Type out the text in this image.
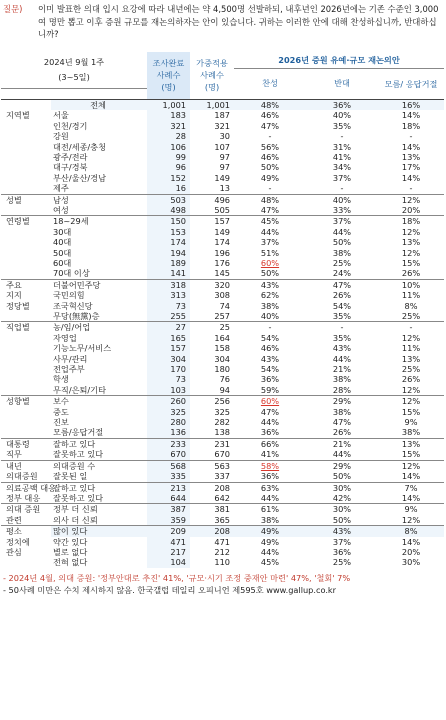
질문) 이미 발표한 의대 입시 요강에 따라 내년에는 약 4,500명 선발하되, 내후년인 2026년에는 기존 수준인 3,000여 명만 뽑고 이후 증원 규모를 재논의하자는 안이 있습니다. 귀하는 이러한 안에 대해 찬성하십니까, 반대하십니까?
2024년 9월 1주
(3~5일)		조사완료 사례수 (명)	가중적용 사례수 (명)	2026년 증원 유예·규모 재논의안		
				찬성	반대	모름/ 응답거절

	전체	1,001	1,001	48%	36%	16%
지역별	서울	183	187	46%	40%	14%
	인천/경기	321	321	47%	35%	18%
	강원	28	30	-	-	-
	대전/세종/충청	106	107	56%	31%	14%
	광주/전라	99	97	46%	41%	13%
	대구/경북	96	97	50%	34%	17%
	부산/울산/경남	152	149	49%	37%	14%
	제주	16	13	-	-	-
성별	남성	503	496	48%	40%	12%
	여성	498	505	47%	33%	20%
연령별	18~29세	150	157	45%	37%	18%
	30대	153	149	44%	44%	12%
	40대	174	174	37%	50%	13%
	50대	194	196	51%	38%	12%
	60대	189	176	60%	25%	15%
	70대 이상	141	145	50%	24%	26%
주요	더불어민주당	318	320	43%	47%	10%
지지	국민의힘	313	308	62%	26%	11%
정당별	조국혁신당	73	74	38%	54%	8%
	무당(無黨)층	255	257	40%	35%	25%
직업별	농/임/어업	27	25	-	-	-
	자영업	165	164	54%	35%	12%
	기능노무/서비스	157	158	46%	43%	11%
	사무/관리	304	304	43%	44%	13%
	전업주부	170	180	54%	21%	25%
	학생	73	76	36%	38%	26%
	무직/은퇴/기타	103	94	59%	28%	12%
성향별	보수	260	256	60%	29%	12%
	중도	325	325	47%	38%	15%
	진보	280	282	44%	47%	9%
	모름/응답거절	136	138	36%	26%	38%
대통령	잘하고 있다	233	231	66%	21%	13%
직무	잘못하고 있다	670	670	41%	44%	15%
내년	의대증원 수	568	563	58%	29%	12%
의대증원	잘못된 일	335	337	36%	50%	14%
의료공백 대응	잘하고 있다	213	208	63%	30%	7%
정부 대응	잘못하고 있다	644	642	44%	42%	14%
의대 증원	정부 더 신뢰	387	381	61%	30%	9%
관련	의사 더 신뢰	359	365	38%	50%	12%
평소	많이 있다	209	208	49%	43%	8%
정치에	약간 있다	471	471	49%	37%	14%
관심	별로 없다	217	212	44%	36%	20%
	전혀 없다	104	110	45%	25%	30%
- 2024년 4월, 의대 증원: '정부안대로 추진' 41%, '규모·시기 조정 중재안 마련' 47%, '철회' 7%
- 50사례 미만은 수치 제시하지 않음. 한국갤럽 데일리 오피니언 제595호 www.gallup.co.kr
